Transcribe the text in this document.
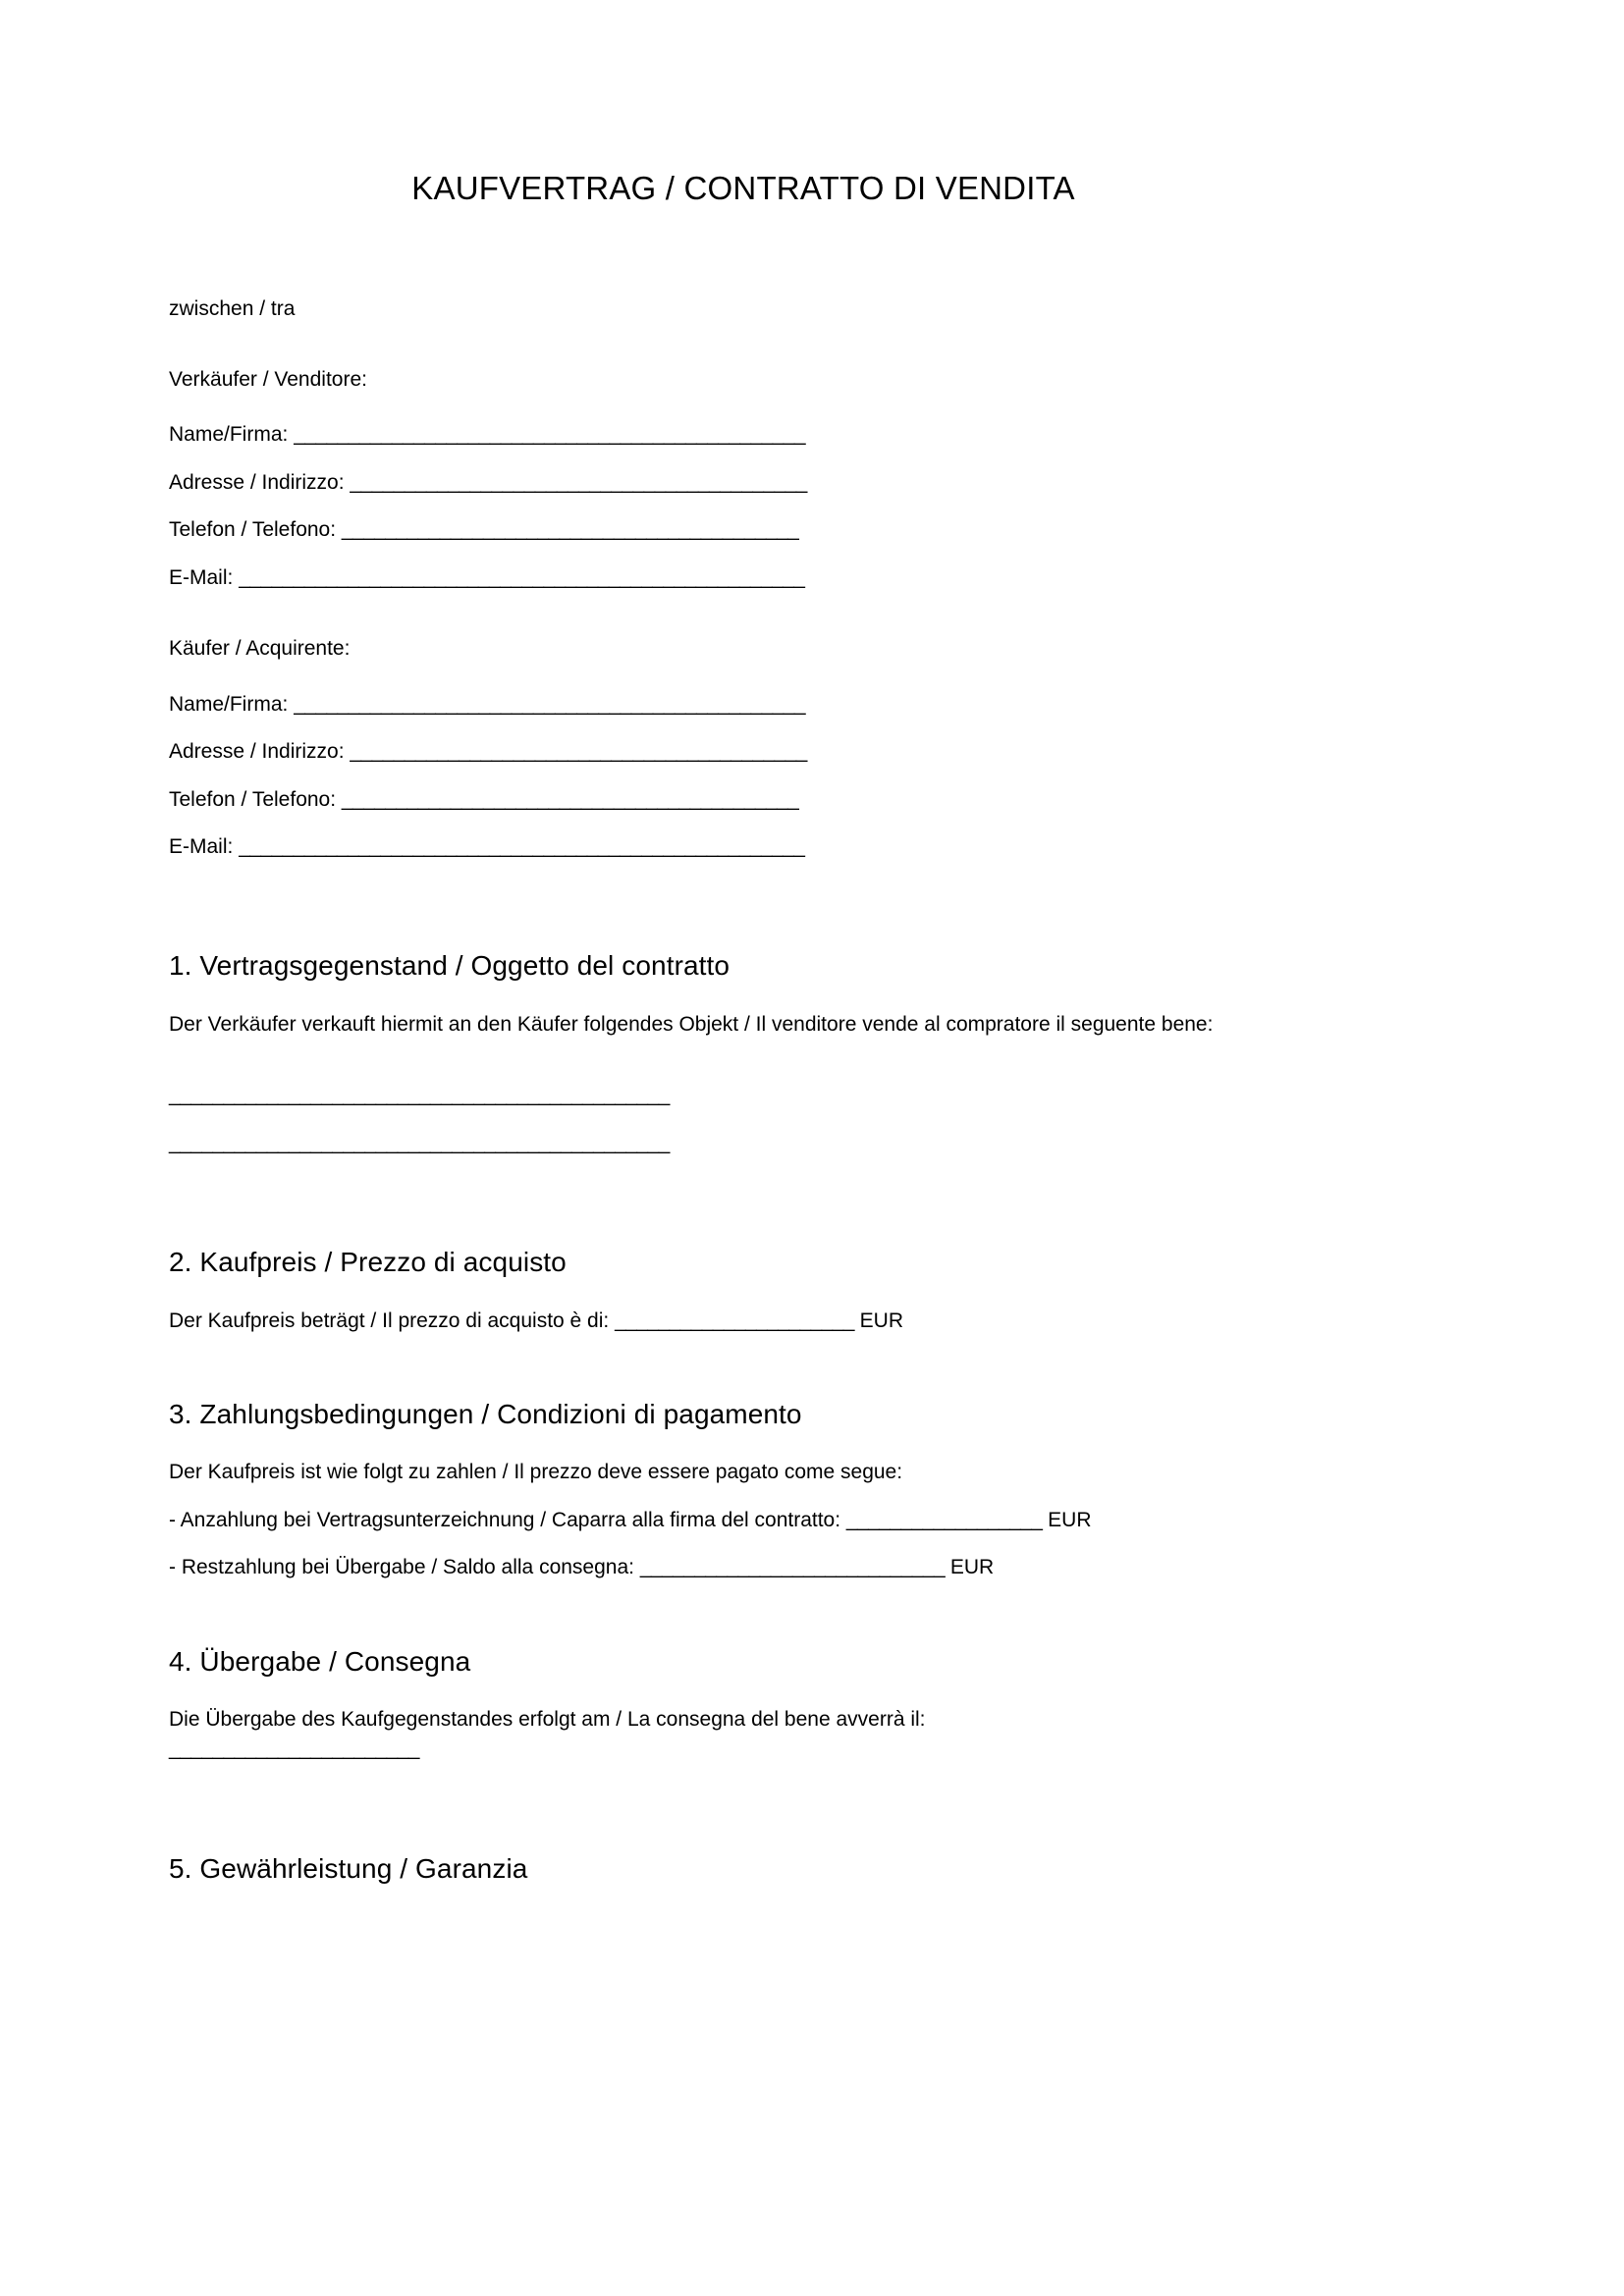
KAUFVERTRAG / CONTRATTO DI VENDITA

zwischen / tra

Verkäufer / Venditore:

Name/Firma: _______________________________________________

Adresse / Indirizzo: __________________________________________

Telefon / Telefono: __________________________________________

E-Mail: ____________________________________________________

Käufer / Acquirente:

Name/Firma: _______________________________________________

Adresse / Indirizzo: __________________________________________

Telefon / Telefono: __________________________________________

E-Mail: ____________________________________________________

1. Vertragsgegenstand / Oggetto del contratto

Der Verkäufer verkauft hiermit an den Käufer folgendes Objekt / Il venditore vende al compratore il seguente bene:

______________________________________________

______________________________________________

2. Kaufpreis / Prezzo di acquisto

Der Kaufpreis beträgt / Il prezzo di acquisto è di: ______________________ EUR

3. Zahlungsbedingungen / Condizioni di pagamento

Der Kaufpreis ist wie folgt zu zahlen / Il prezzo deve essere pagato come segue:

- Anzahlung bei Vertragsunterzeichnung / Caparra alla firma del contratto: __________________ EUR

- Restzahlung bei Übergabe / Saldo alla consegna: ____________________________ EUR

4. Übergabe / Consegna

Die Übergabe des Kaufgegenstandes erfolgt am / La consegna del bene avverrà il:

_______________________

5. Gewährleistung / Garanzia
